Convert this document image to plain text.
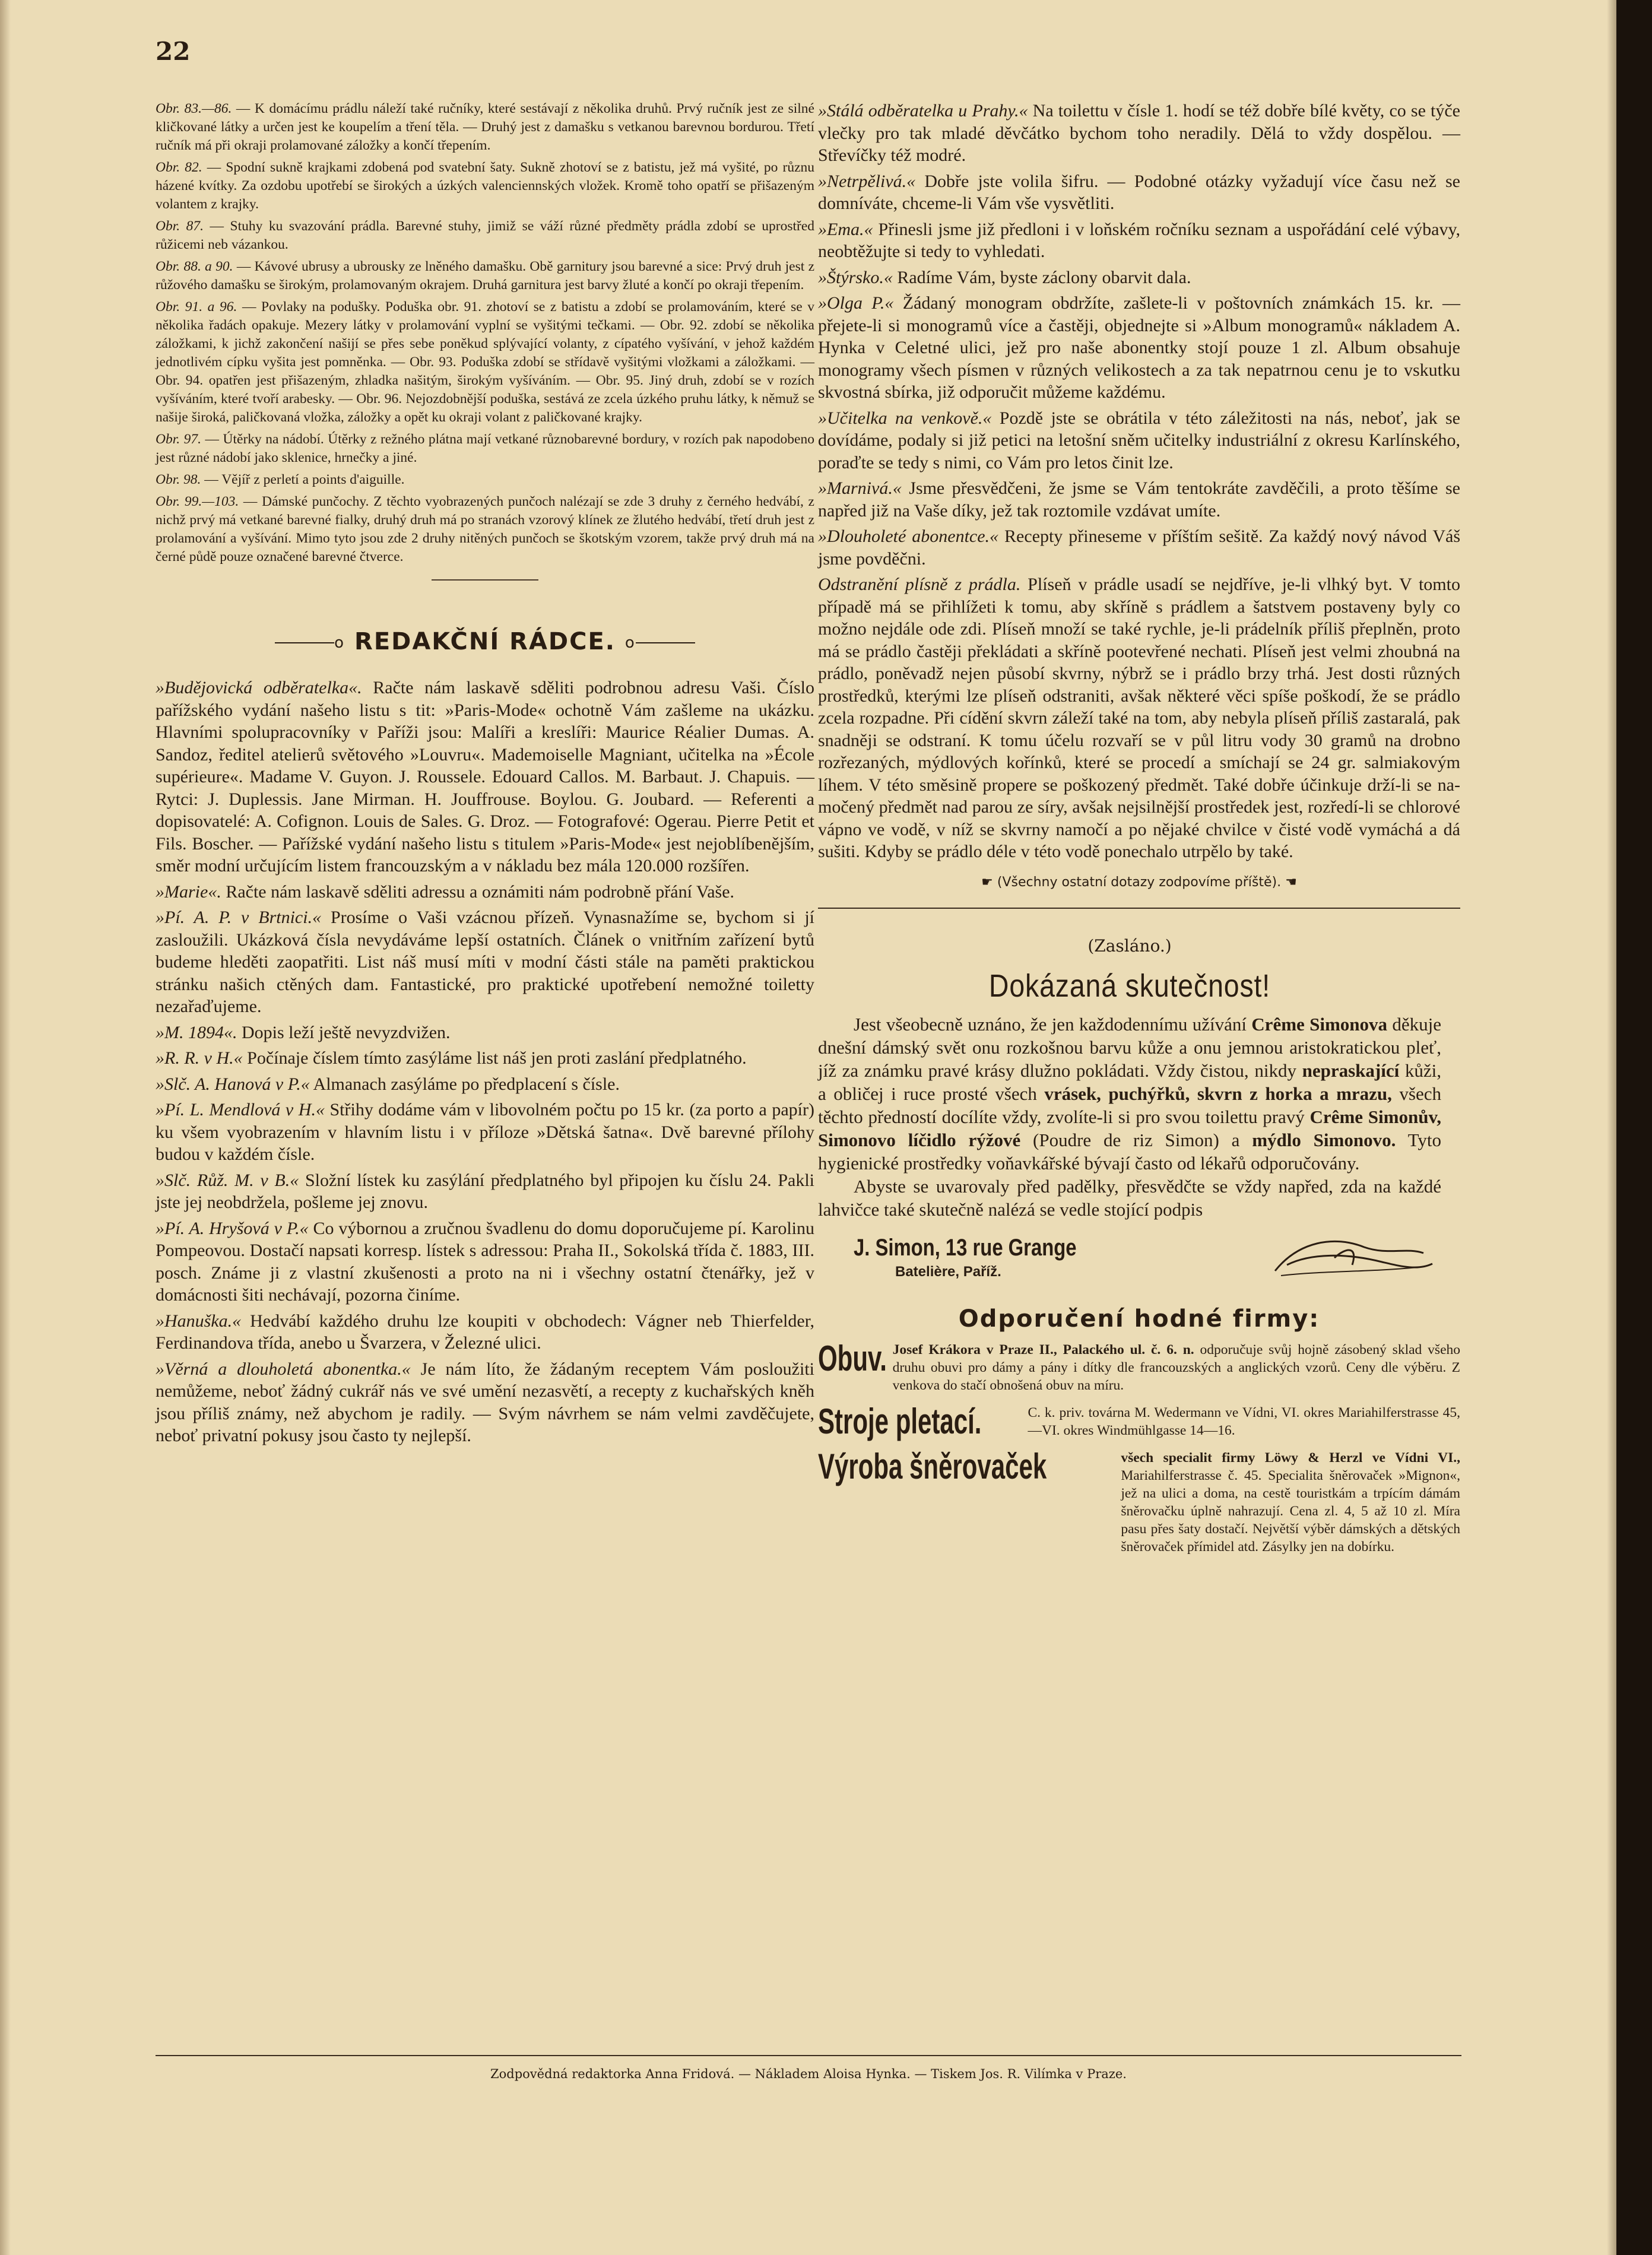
22

Obr. 83.—86. — K domácímu prádlu náleží také ručníky, které sestávají z několika druhů. Prvý ručník jest ze silné kličkované látky a určen jest ke koupelím a tření těla. — Druhý jest z damašku s vetkanou barevnou bordurou. Třetí ručník má při okraji prolamované záložky a končí třepením.

Obr. 82. — Spodní sukně krajkami zdobená pod svatební šaty. Sukně zhotoví se z batistu, jež má vyšité, po různu házené kvítky. Za ozdobu upotřebí se širokých a úzkých valenciennských vložek. Kromě toho opatří se přišazeným volantem z krajky.

Obr. 87. — Stuhy ku svazování prádla. Barevné stuhy, jimiž se váží různé předměty prádla zdobí se uprostřed růžicemi neb vázankou.

Obr. 88. a 90. — Kávové ubrusy a ubrousky ze lněného damašku. Obě garnitury jsou barevné a sice: Prvý druh jest z růžového damašku se širokým, prolamovaným okrajem. Druhá garnitura jest barvy žluté a končí po okraji třepením.

Obr. 91. a 96. — Povlaky na podušky. Poduška obr. 91. zhotoví se z batistu a zdobí se prolamováním, které se v několika řadách opakuje. Mezery látky v prolamování vyplní se vyšitými tečkami. — Obr. 92. zdobí se několika záložkami, k jichž zakončení našijí se přes sebe poněkud splývající volanty, z cípatého vyšívání, v jehož každém jednotlivém cípku vyšita jest pomněnka. — Obr. 93. Poduška zdobí se střídavě vyšitými vložkami a záložkami. — Obr. 94. opatřen jest přišazeným, zhladka našitým, širokým vyšíváním. — Obr. 95. Jiný druh, zdobí se v rozích vyšíváním, které tvoří arabesky. — Obr. 96. Nejozdobnější poduška, sestává ze zcela úzkého pruhu látky, k němuž se našije široká, paličkovaná vložka, záložky a opět ku okraji volant z paličkované krajky.

Obr. 97. — Útěrky na nádobí. Útěrky z režného plátna mají vetkané různobarevné bordury, v rozích pak napodobeno jest různé nádobí jako sklenice, hrnečky a jiné.

Obr. 98. — Vějíř z perletí a points d'aiguille.

Obr. 99.—103. — Dámské punčochy. Z těchto vyobrazených punčoch nalézají se zde 3 druhy z černého hedvábí, z nichž prvý má vetkané barevné fialky, druhý druh má po stranách vzorový klínek ze žlutého hedvábí, třetí druh jest z prolamování a vyšívání. Mimo tyto jsou zde 2 druhy nitěných punčoch se škotským vzorem, takže prvý druh má na černé půdě pouze označené barevné čtverce.

o REDAKČNÍ RÁDCE. o

»Budějovická odběratelka«. Račte nám laskavě sděliti podrobnou adresu Vaši. Číslo pařížského vydání našeho listu s tit: »Paris-Mode« ochotně Vám zašleme na ukázku. Hlavními spolupracovníky v Paříži jsou: Malíři a kreslíři: Maurice Réalier Dumas. A. Sandoz, ředitel atelierů světového »Louvru«. Mademoiselle Magniant, učitelka na »École supérieure«. Madame V. Guyon. J. Roussele. Edouard Callos. M. Barbaut. J. Chapuis. — Rytci: J. Duplessis. Jane Mirman. H. Jouffrouse. Boylou. G. Joubard. — Referenti a dopisovatelé: A. Cofignon. Louis de Sales. G. Droz. — Fotografové: Ogerau. Pierre Petit et Fils. Boscher. — Pařížské vydání našeho listu s titulem »Paris-Mode« jest nejoblíbenějším, směr modní určujícím listem francouzským a v nákladu bez mála 120.000 rozšířen.

»Marie«. Račte nám laskavě sděliti adressu a oznámiti nám podrobně přání Vaše.

»Pí. A. P. v Brtnici.« Prosíme o Vaši vzácnou přízeň. Vynasnažíme se, bychom si jí zasloužili. Ukázková čísla nevydáváme lepší ostatních. Článek o vnitřním zařízení bytů budeme hleděti zaopatřiti. List náš musí míti v modní části stále na paměti praktickou stránku našich ctěných dam. Fantastické, pro praktické upotřebení nemožné toiletty nezařaďujeme.

»M. 1894«. Dopis leží ještě nevyzdvižen.

»R. R. v H.« Počínaje číslem tímto zasýláme list náš jen proti zaslání předplatného.

»Slč. A. Hanová v P.« Almanach zasýláme po předplacení s čísle.

»Pí. L. Mendlová v H.« Střihy dodáme vám v libovolném počtu po 15 kr. (za porto a papír) ku všem vyobrazením v hlavním listu i v příloze »Dětská šatna«. Dvě barevné přílohy budou v každém čísle.

»Slč. Růž. M. v B.« Složní lístek ku zasýlání předplatného byl připojen ku číslu 24. Pakli jste jej neobdržela, pošleme jej znovu.

»Pí. A. Hryšová v P.« Co výbornou a zručnou švadlenu do domu doporučujeme pí. Karolinu Pompeovou. Dostačí napsati korresp. lístek s adressou: Praha II., Sokolská třída č. 1883, III. posch. Známe ji z vlastní zkušenosti a proto na ni i všechny ostatní čtenářky, jež v domácnosti šiti nechávají, pozorna činíme.

»Hanuška.« Hedvábí každého druhu lze koupiti v obchodech: Vágner neb Thierfelder, Ferdinandova třída, anebo u Švarzera, v Železné ulici.

»Věrná a dlouholetá abonentka.« Je nám líto, že žádaným receptem Vám posloužiti nemůžeme, neboť žádný cukrář nás ve své umění nezasvětí, a recepty z kuchařských kněh jsou příliš známy, než abychom je radily. — Svým návrhem se nám velmi zavděčujete, neboť privatní pokusy jsou často ty nejlepší.

»Stálá odběratelka u Prahy.« Na toilettu v čísle 1. hodí se též dobře bílé květy, co se týče vlečky pro tak mladé děvčátko bychom toho neradily. Dělá to vždy dospělou. — Střevíčky též modré.

»Netrpělivá.« Dobře jste volila šifru. — Podobné otázky vyžadují více času než se domníváte, chceme-li Vám vše vysvětliti.

»Ema.« Přinesli jsme již předloni i v loňském ročníku seznam a uspořádání celé výbavy, neobtěžujte si tedy to vyhledati.

»Štýrsko.« Radíme Vám, byste záclony obarvit dala.

»Olga P.« Žádaný monogram obdržíte, zašlete-li v poštovních známkách 15. kr. — přejete-li si monogramů více a častěji, objednejte si »Album monogramů« nákladem A. Hynka v Celetné ulici, jež pro naše abonentky stojí pouze 1 zl. Album obsahuje monogramy všech písmen v různých velikostech a za tak nepatrnou cenu je to vskutku skvostná sbírka, již odporučit můžeme každému.

»Učitelka na venkově.« Pozdě jste se obrátila v této záležitosti na nás, neboť, jak se dovídáme, podaly si již petici na letošní sněm učitelky industriální z okresu Karlínského, poraďte se tedy s nimi, co Vám pro letos činit lze.

»Marnivá.« Jsme přesvědčeni, že jsme se Vám tentokráte zavděčili, a proto těšíme se napřed již na Vaše díky, jež tak roztomile vzdávat umíte.

»Dlouholeté abonentce.« Recepty přineseme v příštím sešitě. Za každý nový návod Váš jsme povděčni.

Odstranění plísně z prádla. Plíseň v prádle usadí se nejdříve, je-li vlhký byt. V tomto případě má se přihlížeti k tomu, aby skříně s prádlem a šatstvem postaveny byly co možno nejdále ode zdi. Plíseň množí se také rychle, je-li prádelník příliš přeplněn, proto má se prádlo častěji překládati a skříně pootevřené nechati. Plíseň jest velmi zhoubná na prádlo, poněvadž nejen působí skvrny, nýbrž se i prádlo brzy trhá. Jest dosti různých prostředků, kterými lze plíseň odstraniti, avšak některé věci spíše poškodí, že se prádlo zcela rozpadne. Při cídění skvrn záleží také na tom, aby nebyla plíseň příliš zastaralá, pak snadněji se odstraní. K tomu účelu rozvaří se v půl litru vody 30 gramů na drobno rozřezaných, mýdlových kořínků, které se procedí a smíchají se 24 gr. salmiakovým líhem. V této směsině propere se poškozený předmět. Také dobře účinkuje drží-li se namočený předmět nad parou ze síry, avšak nejsilnější prostředek jest, rozředí-li se chlorové vápno ve vodě, v níž se skvrny namočí a po nějaké chvilce v čisté vodě vymáchá a dá sušiti. Kdyby se prádlo déle v této vodě ponechalo utrpělo by také.

☛ (Všechny ostatní dotazy zodpovíme příště). ☚
(Zasláno.)
Dokázaná skutečnost!

Jest všeobecně uznáno, že jen každodennímu užívání Crême Simonova děkuje dnešní dámský svět onu rozkošnou barvu kůže a onu jemnou aristokratickou pleť, jíž za známku pravé krásy dlužno pokládati. Vždy čistou, nikdy nepraskající kůži, a obličej i ruce prosté všech vrásek, puchýřků, skvrn z horka a mrazu, všech těchto předností docílíte vždy, zvolíte-li si pro svou toilettu pravý Crême Simonův, Simonovo líčidlo rýžové (Poudre de riz Simon) a mýdlo Simonovo. Tyto hygienické prostředky voňavkářské bývají často od lékařů odporučovány.

Abyste se uvarovaly před padělky, přesvědčte se vždy napřed, zda na každé lahvičce také skutečně nalézá se vedle stojící podpis

J. Simon, 13 rue Grange
Batelière, Paříž.
Odporučení hodné firmy:
Obuv. Josef Krákora v Praze II., Palackého ul. č. 6. n. odporučuje svůj hojně zásobený sklad všeho druhu obuvi pro dámy a pány i dítky dle francouzských a anglických vzorů. Ceny dle výběru. Z venkova do stačí obnošená obuv na míru.
Stroje pletací.	C. k. priv. továrna M. Wedermann ve Vídni, VI. okres Mariahilferstrasse 45,—VI. okres Windmühlgasse 14—16.
Výroba šněrovaček	všech specialit firmy Löwy & Herzl ve Vídni VI., Mariahilferstrasse č. 45. Specialita šněrovaček »Mignon«, jež na ulici a doma, na cestě touristkám a trpícím dámám šněrovačku úplně nahrazují. Cena zl. 4, 5 až 10 zl. Míra pasu přes šaty dostačí. Největší výběr dámských a dětských šněrovaček přímidel atd. Zásylky jen na dobírku.
Zodpovědná redaktorka Anna Fridová. — Nákladem Aloisa Hynka. — Tiskem Jos. R. Vilímka v Praze.
